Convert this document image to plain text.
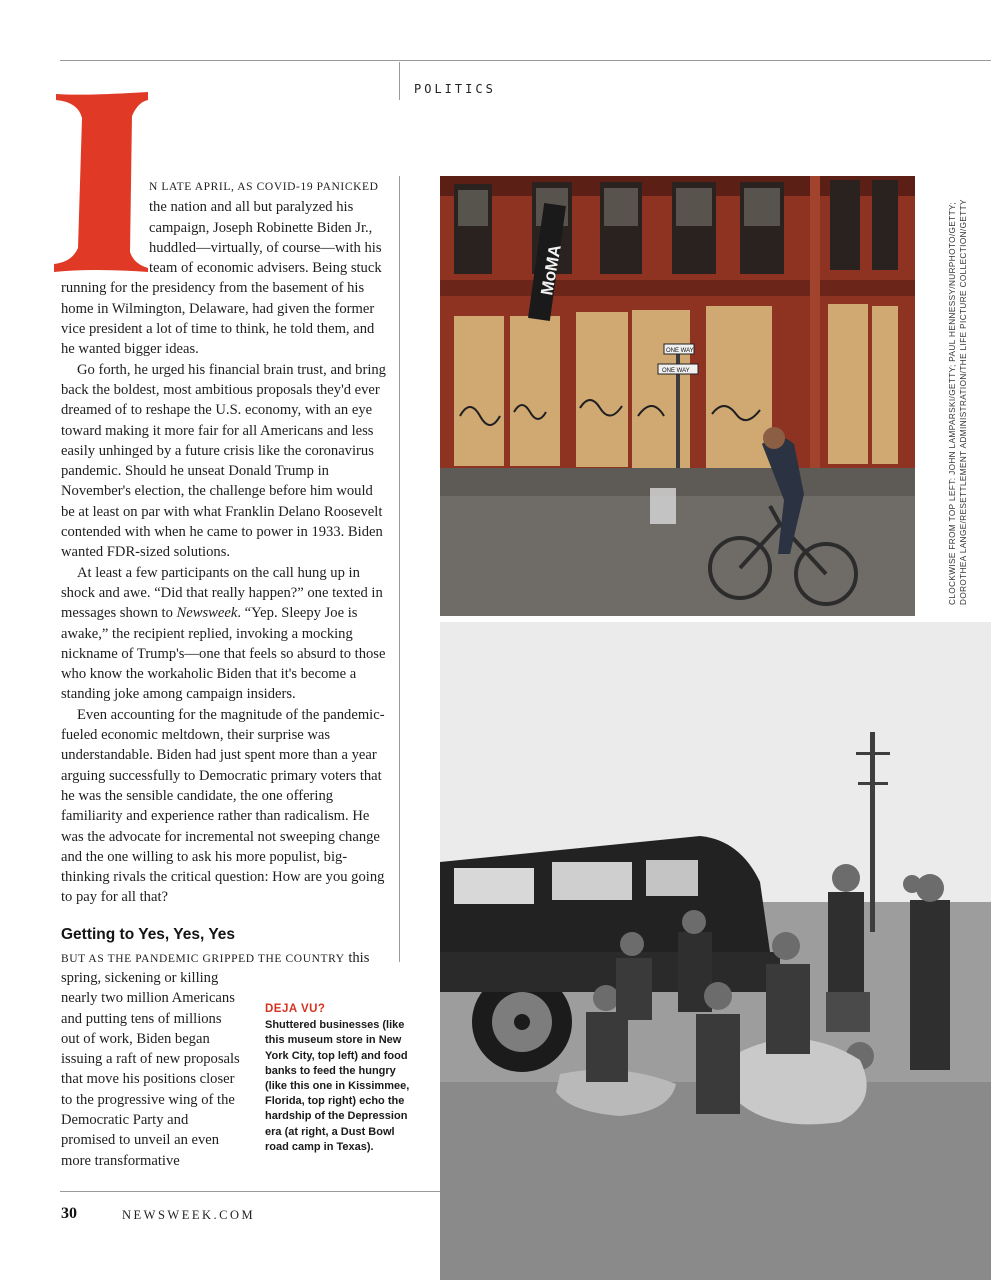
POLITICS

N LATE APRIL, AS COVID-19 PANICKED the nation and all but paralyzed his campaign, Joseph Robinette Biden Jr., huddled—virtually, of course—with his team of economic advisers. Being stuck running for the presidency from the basement of his home in Wilmington, Delaware, had given the former vice president a lot of time to think, he told them, and he wanted bigger ideas.

Go forth, he urged his financial brain trust, and bring back the boldest, most ambitious proposals they'd ever dreamed of to reshape the U.S. economy, with an eye toward making it more fair for all Americans and less easily unhinged by a future crisis like the coronavirus pandemic. Should he unseat Donald Trump in November's election, the challenge before him would be at least on par with what Franklin Delano Roosevelt contended with when he came to power in 1933. Biden wanted FDR-sized solutions.

At least a few participants on the call hung up in shock and awe. “Did that really happen?” one texted in messages shown to Newsweek. “Yep. Sleepy Joe is awake,” the recipient replied, invoking a mocking nickname of Trump's—one that feels so absurd to those who know the workaholic Biden that it's become a standing joke among campaign insiders.

Even accounting for the magnitude of the pandemic-fueled economic meltdown, their surprise was understandable. Biden had just spent more than a year arguing successfully to Democratic primary voters that he was the sensible candidate, the one offering familiarity and experience rather than radicalism. He was the advocate for incremental not sweeping change and the one willing to ask his more populist, big-thinking rivals the critical question: How are you going to pay for all that?

Getting to Yes, Yes, Yes
BUT AS THE PANDEMIC GRIPPED THE COUNTRY this
spring, sickening or killing nearly two million Americans and putting tens of millions out of work, Biden began issuing a raft of new proposals that move his positions closer to the progressive wing of the Democratic Party and promised to unveil an even more transformative
DEJA VU?
Shuttered businesses (like this museum store in New York City, top left) and food banks to feed the hungry (like this one in Kissimmee, Florida, top right) echo the hardship of the Depression era (at right, a Dust Bowl road camp in Texas).
30	NEWSWEEK.COM
MoMA
ONE WAY
ONE WAY	CLOCKWISE FROM TOP LEFT: JOHN LAMPARSKI/GETTY; PAUL HENNESSY/NURPHOTO/GETTY; DOROTHEA LANGE/RESETTLEMENT ADMINISTRATION/THE LIFE PICTURE COLLECTION/GETTY
